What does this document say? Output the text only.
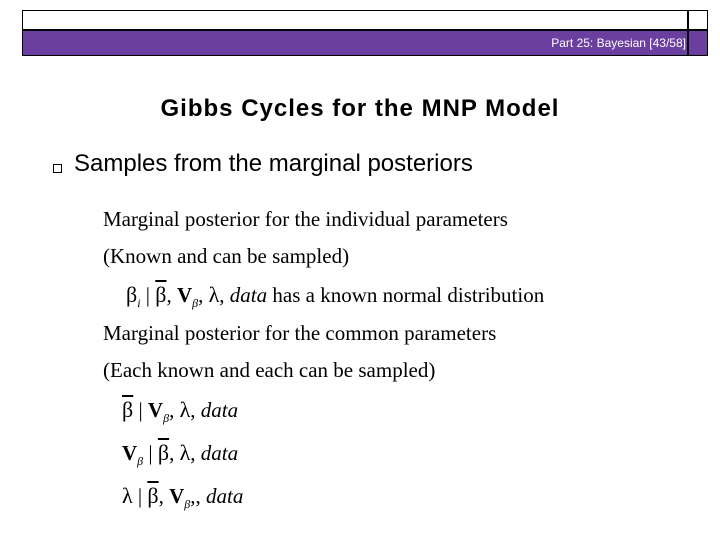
Part 25: Bayesian [43/58]
Gibbs Cycles for the MNP Model
Samples from the marginal posteriors
Marginal posterior for the individual parameters
(Known and can be sampled)
$\beta_i$ | $\overline{\beta}$, $V_\beta$, λ, data has a known normal distribution
Marginal posterior for the common parameters
(Each known and each can be sampled)
$\overline{\beta}$ | $V_\beta$, λ, data
$V_\beta$ | $\overline{\beta}$, λ, data
λ | $\overline{\beta}$, $V_\beta$,, data
